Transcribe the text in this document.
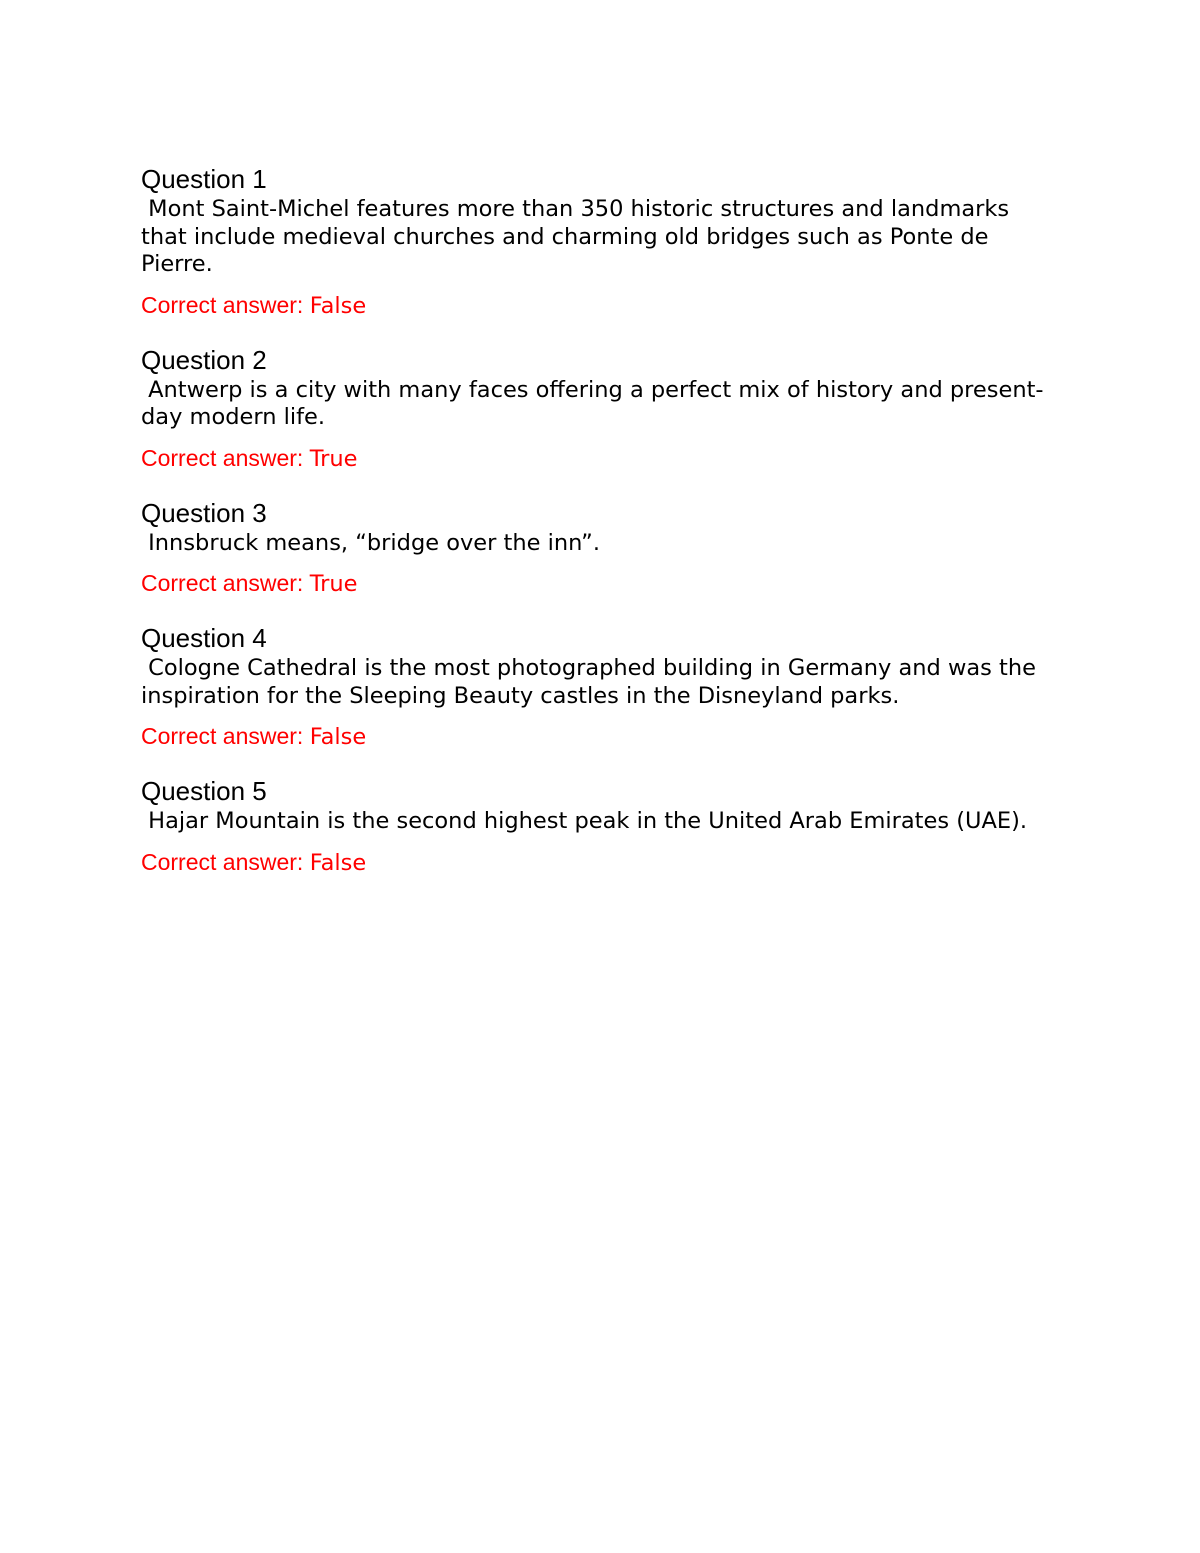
Question 1

Mont Saint-Michel features more than 350 historic structures and landmarks that include medieval churches and charming old bridges such as Ponte de Pierre.

Correct answer: False

Question 2

Antwerp is a city with many faces offering a perfect mix of history and present-day modern life.

Correct answer: True

Question 3

Innsbruck means, “bridge over the inn”.

Correct answer: True

Question 4

Cologne Cathedral is the most photographed building in Germany and was the inspiration for the Sleeping Beauty castles in the Disneyland parks.

Correct answer: False

Question 5

Hajar Mountain is the second highest peak in the United Arab Emirates (UAE).

Correct answer: False
